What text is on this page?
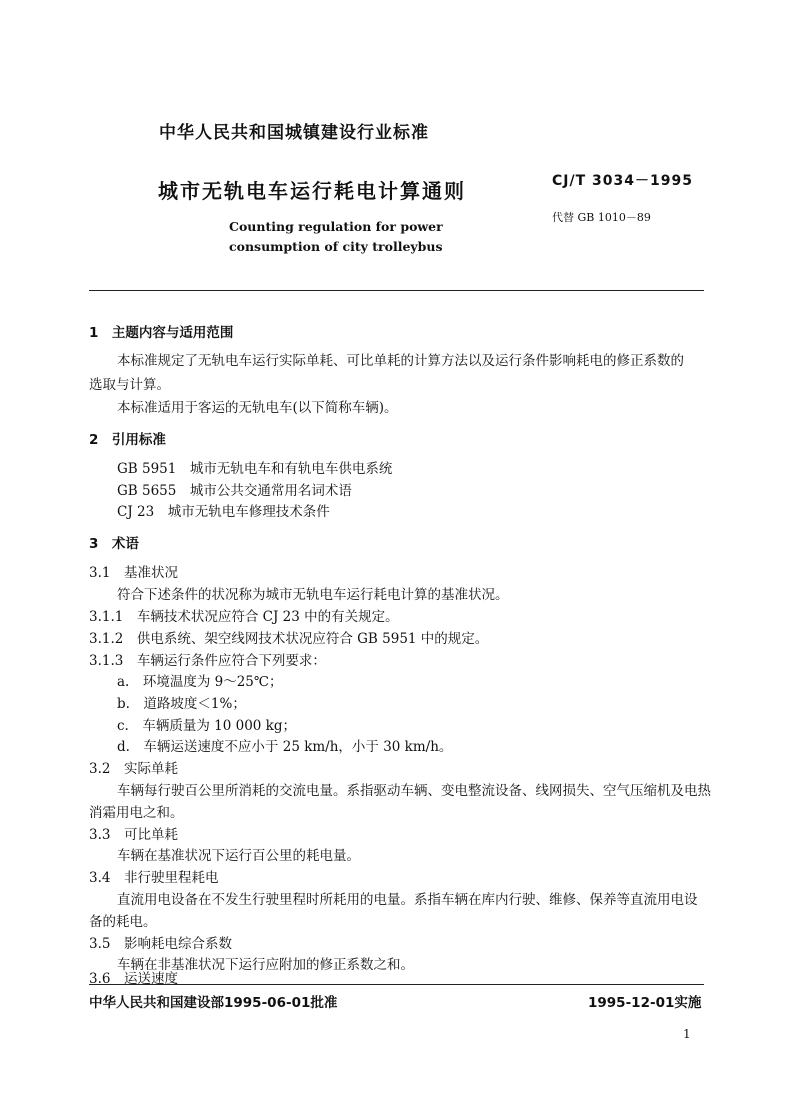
中华人民共和国城镇建设行业标准
城市无轨电车运行耗电计算通则	CJ/T 3034－1995
代替 GB 1010－89
Counting regulation for power
consumption of city trolleybus
1　主题内容与适用范围
本标准规定了无轨电车运行实际单耗、可比单耗的计算方法以及运行条件影响耗电的修正系数的
选取与计算。
本标准适用于客运的无轨电车(以下简称车辆)。
2　引用标准
GB 5951　城市无轨电车和有轨电车供电系统
GB 5655　城市公共交通常用名词术语
CJ 23　城市无轨电车修理技术条件
3　术语
3.1　基准状况
符合下述条件的状况称为城市无轨电车运行耗电计算的基准状况。
3.1.1　车辆技术状况应符合 CJ 23 中的有关规定。
3.1.2　供电系统、架空线网技术状况应符合 GB 5951 中的规定。
3.1.3　车辆运行条件应符合下列要求：
a.　环境温度为 9～25℃；
b.　道路坡度＜1%；
c.　车辆质量为 10 000 kg；
d.　车辆运送速度不应小于 25 km/h，小于 30 km/h。
3.2　实际单耗
车辆每行驶百公里所消耗的交流电量。系指驱动车辆、变电整流设备、线网损失、空气压缩机及电热
消霜用电之和。
3.3　可比单耗
车辆在基准状况下运行百公里的耗电量。
3.4　非行驶里程耗电
直流用电设备在不发生行驶里程时所耗用的电量。系指车辆在库内行驶、维修、保养等直流用电设
备的耗电。
3.5　影响耗电综合系数
车辆在非基准状况下运行应附加的修正系数之和。
3.6　运送速度
中华人民共和国建设部1995-06-01批准	1995-12-01实施
1
